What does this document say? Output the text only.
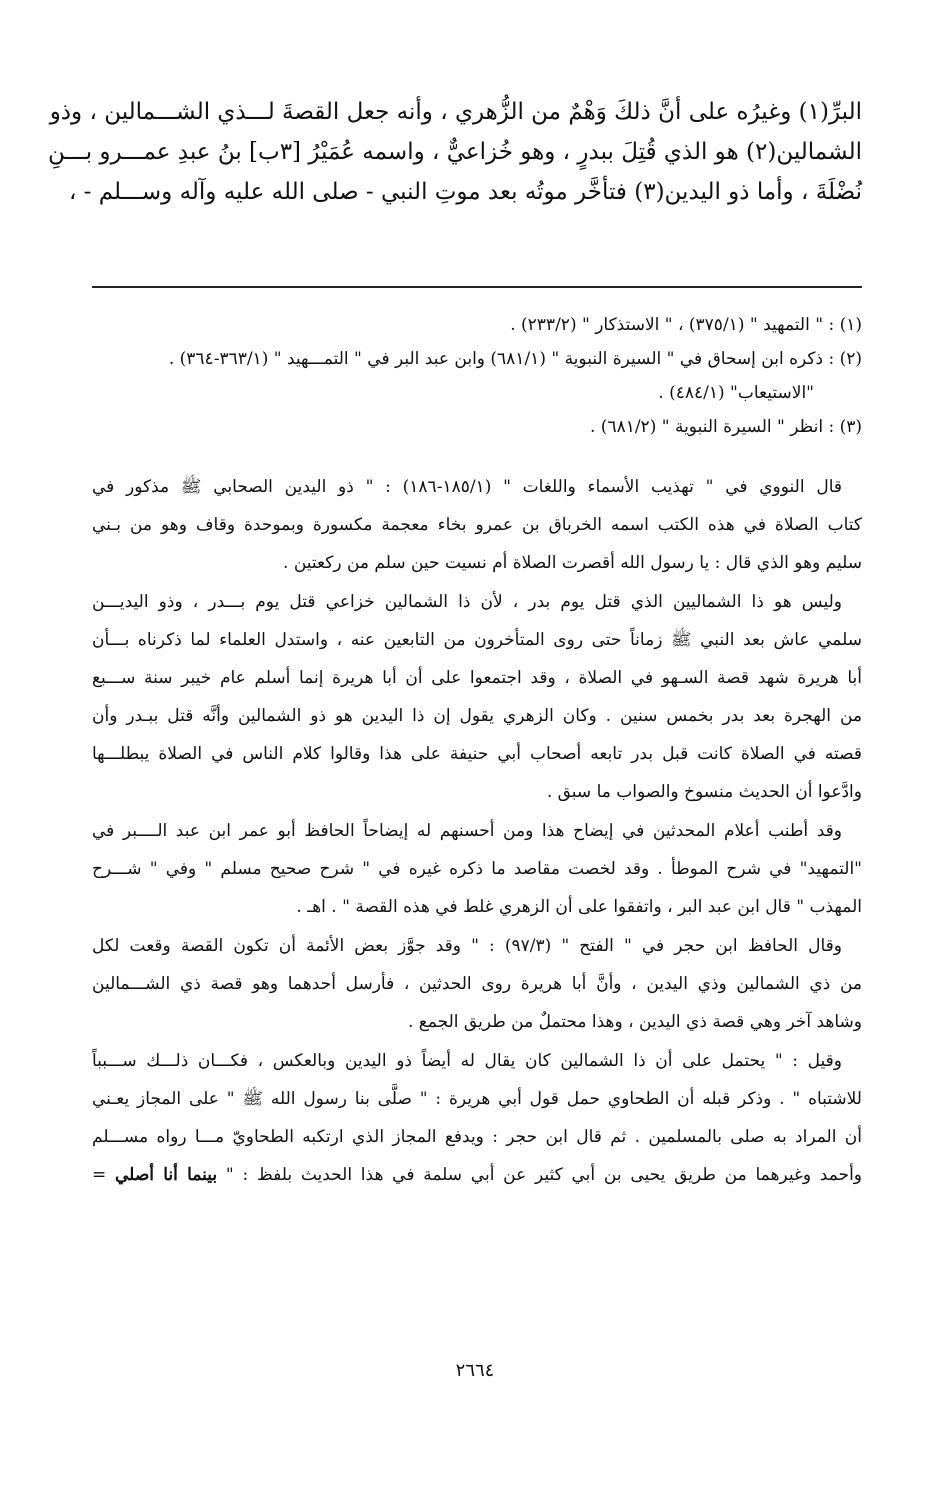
البرِّ(١) وغيرُه على أنَّ ذلكَ وَهْمٌ من الزُّهري ، وأنه جعل القصةَ لـــذي الشـــمالين ، وذو
الشمالين(٢) هو الذي قُتِلَ ببدرٍ ، وهو خُزاعيٌّ ، واسمه عُمَيْرُ [٣ب] بنُ عبدِ عمـــرو بـــنِ
نُضْلَةَ ، وأما ذو اليدين(٣) فتأخَّر موتُه بعد موتِ النبي - صلى الله عليه وآله وســـلم - ،
(١) : " التمهيد " (٣٧٥/١) ، " الاستذكار " (٢٣٣/٢) .
(٢) : ذكره ابن إسحاق في " السيرة النبوية " (٦٨١/١) وابن عبد البر في " التمـــهيد " (٣٦٣/١-٣٦٤) .
"الاستيعاب" (٤٨٤/١) .
(٣) : انظر " السيرة النبوية " (٦٨١/٢) .
قال النووي في " تهذيب الأسماء واللغات " (١٨٥/١-١٨٦) : " ذو اليدين الصحابي ﷺ مذكور في
كتاب الصلاة في هذه الكتب اسمه الخرباق بن عمرو بخاء معجمة مكسورة وبموحدة وقاف وهو من بـني
سليم وهو الذي قال : يا رسول الله أقصرت الصلاة أم نسيت حين سلم من ركعتين .
وليس هو ذا الشماليين الذي قتل يوم بدر ، لأن ذا الشمالين خزاعي قتل يوم بـــدر ، وذو اليديـــن
سلمي عاش بعد النبي ﷺ زماناً حتى روى المتأخرون من التابعين عنه ، واستدل العلماء لما ذكرناه بـــأن
أبا هريرة شهد قصة السـهو في الصلاة ، وقد اجتمعوا على أن أبا هريرة إنما أسلم عام خيبر سنة ســـبع
من الهجرة بعد بدر بخمس سنين . وكان الزهري يقول إن ذا اليدين هو ذو الشمالين وأنَّه قتل ببـدر وأن
قصته في الصلاة كانت قبل بدر تابعه أصحاب أبي حنيفة على هذا وقالوا كلام الناس في الصلاة يبطلـــها
وادَّعوا أن الحديث منسوخ والصواب ما سبق .
وقد أطنب أعلام المحدثين في إيضاح هذا ومن أحسنهم له إيضاحاً الحافظ أبو عمر ابن عبد الــــبر في
"التمهيد" في شرح الموطأ . وقد لخصت مقاصد ما ذكره غيره في " شرح صحيح مسلم " وفي " شـــرح
المهذب " قال ابن عبد البر ، واتفقوا على أن الزهري غلط في هذه القصة " . اهـ .
وقال الحافظ ابن حجر في " الفتح " (٩٧/٣) : " وقد جوَّز بعض الأئمة أن تكون القصة وقعت لكل
من ذي الشمالين وذي اليدين ، وأنَّ أبا هريرة روى الحدثين ، فأرسل أحدهما وهو قصة ذي الشـــمالين
وشاهد آخر وهي قصة ذي اليدين ، وهذا محتملٌ من طريق الجمع .
وقيل : " يحتمل على أن ذا الشمالين كان يقال له أيضاً ذو اليدين وبالعكس ، فكـــان ذلـــك ســـبباً
للاشتباه " . وذكر قبله أن الطحاوي حمل قول أبي هريرة : " صلَّى بنا رسول الله ﷺ " على المجاز يعـني
أن المراد به صلى بالمسلمين . ثم قال ابن حجر : ويدفع المجاز الذي ارتكبه الطحاويّ مـــا رواه مســـلم
وأحمد وغيرهما من طريق يحيى بن أبي كثير عن أبي سلمة في هذا الحديث بلفظ : " بينما أنا أصلي =
٢٦٦٤
